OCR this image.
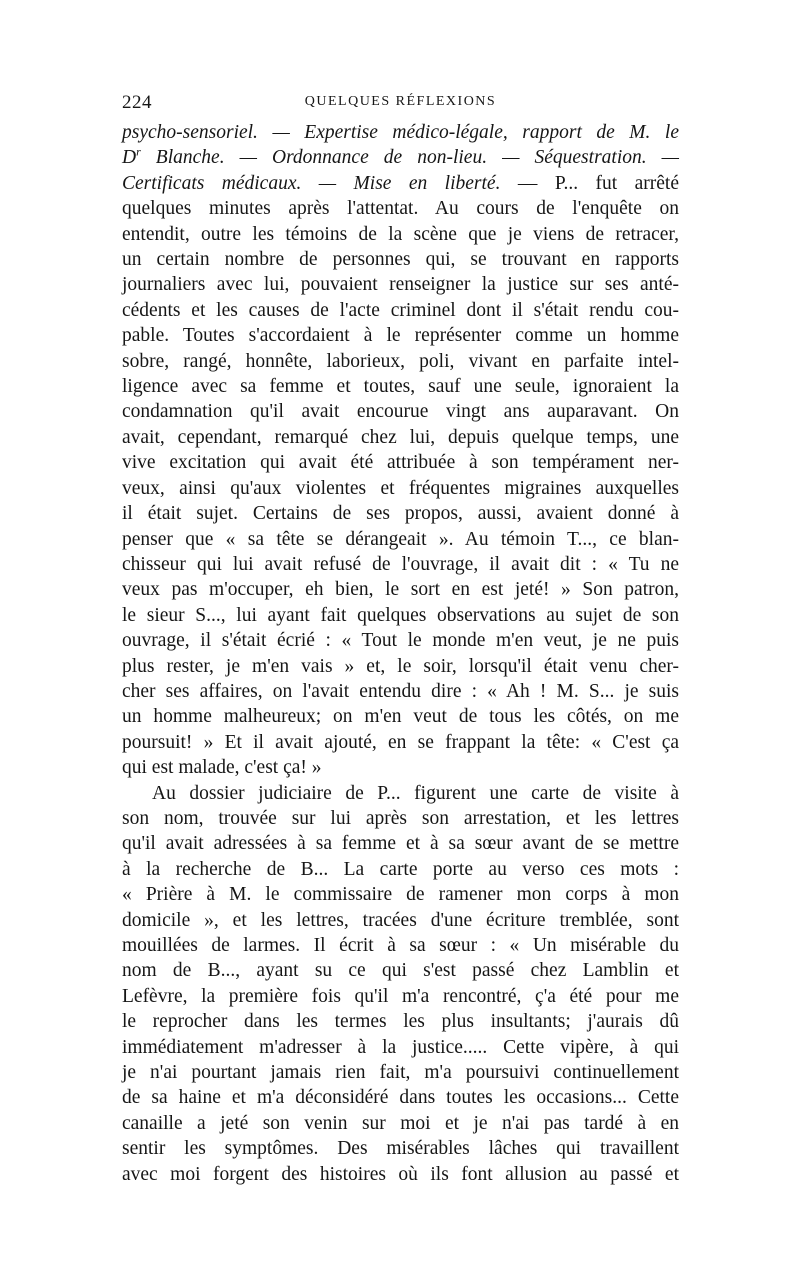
224	QUELQUES RÉFLEXIONS

psycho-sensoriel. — Expertise médico-légale, rapport de M. le
$D^r$ Blanche. — Ordonnance de non-lieu. — Séquestration. —
Certificats médicaux. — Mise en liberté. — P... fut arrêté
quelques minutes après l'attentat. Au cours de l'enquête on
entendit, outre les témoins de la scène que je viens de retracer,
un certain nombre de personnes qui, se trouvant en rapports
journaliers avec lui, pouvaient renseigner la justice sur ses anté-
cédents et les causes de l'acte criminel dont il s'était rendu cou-
pable. Toutes s'accordaient à le représenter comme un homme
sobre, rangé, honnête, laborieux, poli, vivant en parfaite intel-
ligence avec sa femme et toutes, sauf une seule, ignoraient la
condamnation qu'il avait encourue vingt ans auparavant. On
avait, cependant, remarqué chez lui, depuis quelque temps, une
vive excitation qui avait été attribuée à son tempérament ner-
veux, ainsi qu'aux violentes et fréquentes migraines auxquelles
il était sujet. Certains de ses propos, aussi, avaient donné à
penser que « sa tête se dérangeait ». Au témoin T..., ce blan-
chisseur qui lui avait refusé de l'ouvrage, il avait dit : « Tu ne
veux pas m'occuper, eh bien, le sort en est jeté! » Son patron,
le sieur S..., lui ayant fait quelques observations au sujet de son
ouvrage, il s'était écrié : « Tout le monde m'en veut, je ne puis
plus rester, je m'en vais » et, le soir, lorsqu'il était venu cher-
cher ses affaires, on l'avait entendu dire : « Ah ! M. S... je suis
un homme malheureux; on m'en veut de tous les côtés, on me
poursuit! » Et il avait ajouté, en se frappant la tête: « C'est ça
qui est malade, c'est ça! »

Au dossier judiciaire de P... figurent une carte de visite à
son nom, trouvée sur lui après son arrestation, et les lettres
qu'il avait adressées à sa femme et à sa sœur avant de se mettre
à la recherche de B... La carte porte au verso ces mots :
« Prière à M. le commissaire de ramener mon corps à mon
domicile », et les lettres, tracées d'une écriture tremblée, sont
mouillées de larmes. Il écrit à sa sœur : « Un misérable du
nom de B..., ayant su ce qui s'est passé chez Lamblin et
Lefèvre, la première fois qu'il m'a rencontré, ç'a été pour me
le reprocher dans les termes les plus insultants; j'aurais dû
immédiatement m'adresser à la justice..... Cette vipère, à qui
je n'ai pourtant jamais rien fait, m'a poursuivi continuellement
de sa haine et m'a déconsidéré dans toutes les occasions... Cette
canaille a jeté son venin sur moi et je n'ai pas tardé à en
sentir les symptômes. Des misérables lâches qui travaillent
avec moi forgent des histoires où ils font allusion au passé et
